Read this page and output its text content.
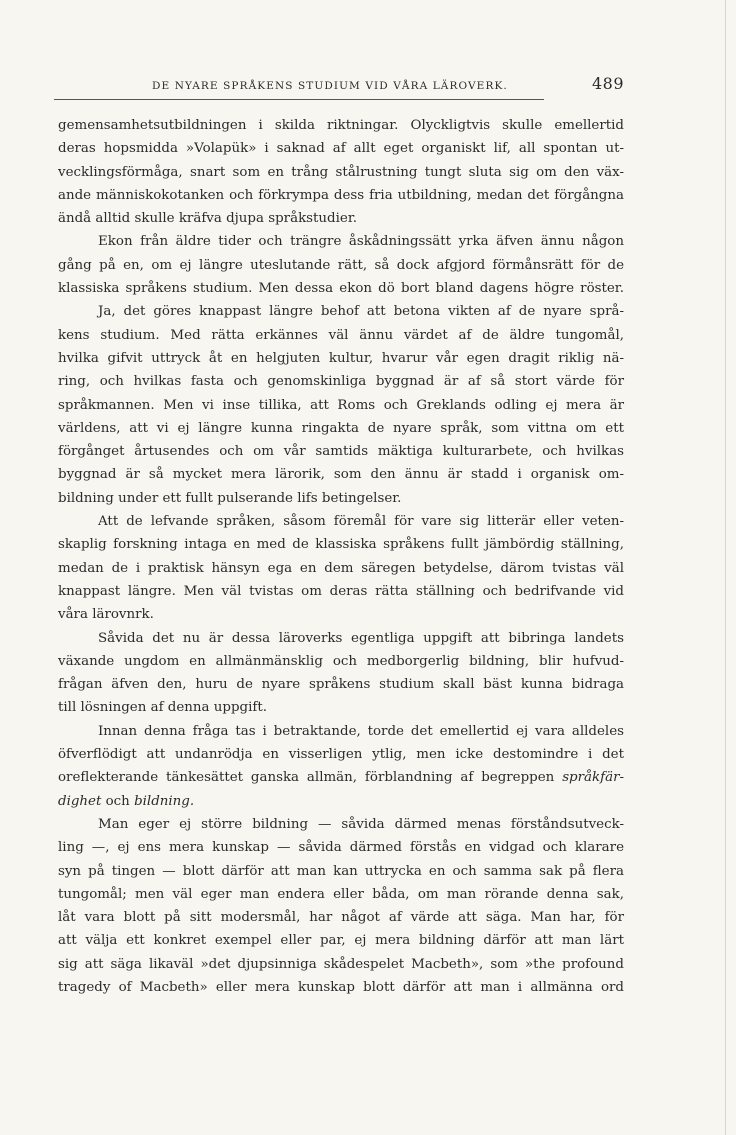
DE NYARE SPRÅKENS STUDIUM VID VÅRA LÄROVERK.	489
gemensamhetsutbildningen i skilda riktningar. Olyckligtvis skulle emellertid
deras hopsmidda »Volapük» i saknad af allt eget organiskt lif, all spontan ut-
vecklingsförmåga, snart som en trång stålrustning tungt sluta sig om den väx-
ande människokotanken och förkrympa dess fria utbildning, medan det förgångna
ändå alltid skulle kräfva djupa språkstudier.
Ekon från äldre tider och trängre åskådningssätt yrka äfven ännu någon
gång på en, om ej längre uteslutande rätt, så dock afgjord förmånsrätt för de
klassiska språkens studium. Men dessa ekon dö bort bland dagens högre röster.
Ja, det göres knappast längre behof att betona vikten af de nyare språ-
kens studium. Med rätta erkännes väl ännu värdet af de äldre tungomål,
hvilka gifvit uttryck åt en helgjuten kultur, hvarur vår egen dragit riklig nä-
ring, och hvilkas fasta och genomskinliga byggnad är af så stort värde för
språkmannen. Men vi inse tillika, att Roms och Greklands odling ej mera är
världens, att vi ej längre kunna ringakta de nyare språk, som vittna om ett
förgånget årtusendes och om vår samtids mäktiga kulturarbete, och hvilkas
byggnad är så mycket mera lärorik, som den ännu är stadd i organisk om-
bildning under ett fullt pulserande lifs betingelser.
Att de lefvande språken, såsom föremål för vare sig litterär eller veten-
skaplig forskning intaga en med de klassiska språkens fullt jämbördig ställning,
medan de i praktisk hänsyn ega en dem säregen betydelse, därom tvistas väl
knappast längre. Men väl tvistas om deras rätta ställning och bedrifvande vid
våra lärovnrk.
Såvida det nu är dessa läroverks egentliga uppgift att bibringa landets
växande ungdom en allmänmänsklig och medborgerlig bildning, blir hufvud-
frågan äfven den, huru de nyare språkens studium skall bäst kunna bidraga
till lösningen af denna uppgift.
Innan denna fråga tas i betraktande, torde det emellertid ej vara alldeles
öfverflödigt att undanrödja en visserligen ytlig, men icke destomindre i det
oreflekterande tänkesättet ganska allmän, förblandning af begreppen språkfär-
dighet och bildning.
Man eger ej större bildning — såvida därmed menas förståndsutveck-
ling —, ej ens mera kunskap — såvida därmed förstås en vidgad och klarare
syn på tingen — blott därför att man kan uttrycka en och samma sak på flera
tungomål; men väl eger man endera eller båda, om man rörande denna sak,
låt vara blott på sitt modersmål, har något af värde att säga. Man har, för
att välja ett konkret exempel eller par, ej mera bildning därför att man lärt
sig att säga likaväl »det djupsinniga skådespelet Macbeth», som »the profound
tragedy of Macbeth» eller mera kunskap blott därför att man i allmänna ord
